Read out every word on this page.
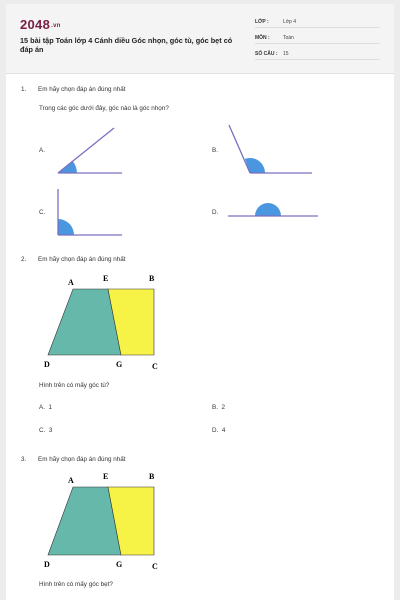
2048.vn
15 bài tập Toán lớp 4 Cánh diều Góc nhọn, góc tù, góc bẹt có đáp án
LỚP :	Lớp 4
MÔN :	Toán
SỐ CÂU : 15
1. Em hãy chọn đáp án đúng nhất
Trong các góc dưới đây, góc nào là góc nhọn?
A.	B.
C.	D.
2. Em hãy chọn đáp án đúng nhất
A	E	B
D	G	C
Hình trên có mấy góc tù?
A. 1	B. 2
C. 3	D. 4
3. Em hãy chọn đáp án đúng nhất
A	E	B
D	G	C
Hình trên có mấy góc bẹt?
